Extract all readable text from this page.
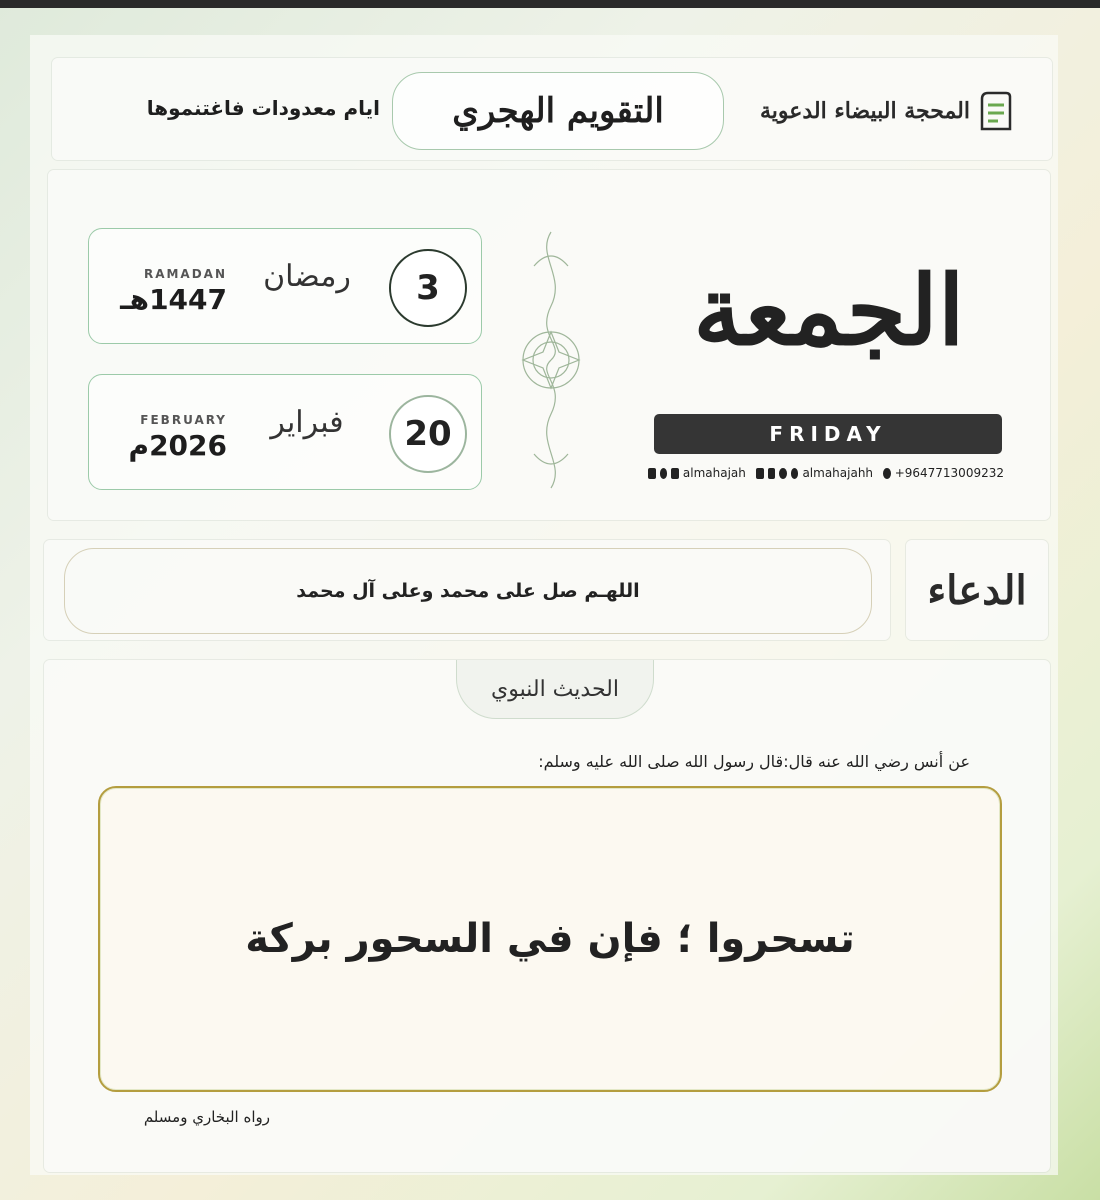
ايام معدودات فاغتنموها التقويم الهجري	المحجة البيضاء الدعوية
3
رمضان
RAMADAN
1447هـ
20
فبراير
FEBRUARY
2026م
الجمعة
FRIDAY
almahajah	almahajahh +9647713009232
اللهـم صل على محمد وعلى آل محمد	الدعاء
الحديث النبوي
عن أنس رضي الله عنه قال:قال رسول الله صلى الله عليه وسلم:
تسحروا ؛ فإن في السحور بركة
رواه البخاري ومسلم
